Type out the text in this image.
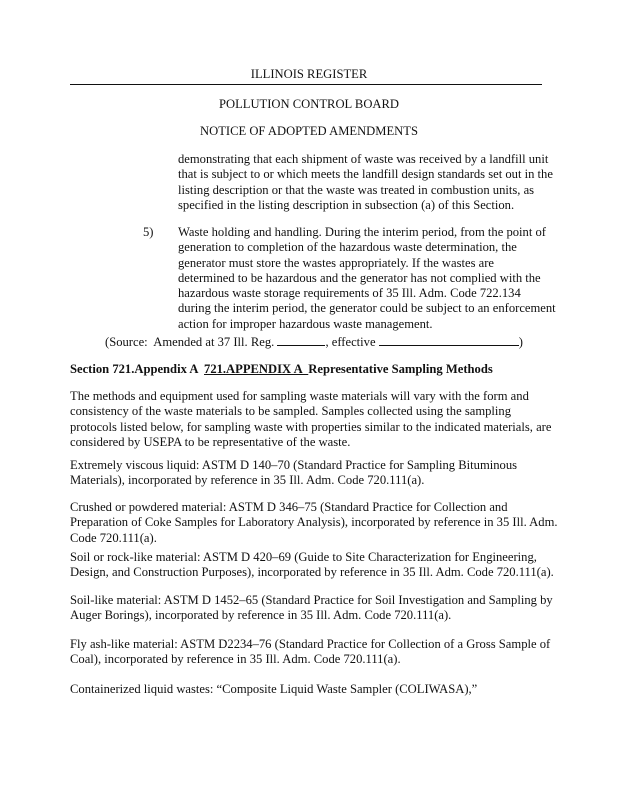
ILLINOIS REGISTER
POLLUTION CONTROL BOARD
NOTICE OF ADOPTED AMENDMENTS
demonstrating that each shipment of waste was received by a landfill unit
that is subject to or which meets the landfill design standards set out in the
listing description or that the waste was treated in combustion units, as
specified in the listing description in subsection (a) of this Section.
5) Waste holding and handling. During the interim period, from the point of
generation to completion of the hazardous waste determination, the
generator must store the wastes appropriately. If the wastes are
determined to be hazardous and the generator has not complied with the
hazardous waste storage requirements of 35 Ill. Adm. Code 722.134
during the interim period, the generator could be subject to an enforcement
action for improper hazardous waste management.
(Source:  Amended at 37 Ill. Reg.	, effective	)
Section 721.Appendix A  721.APPENDIX A  Representative Sampling Methods
The methods and equipment used for sampling waste materials will vary with the form and
consistency of the waste materials to be sampled. Samples collected using the sampling
protocols listed below, for sampling waste with properties similar to the indicated materials, are
considered by USEPA to be representative of the waste.
Extremely viscous liquid: ASTM D 140–70 (Standard Practice for Sampling Bituminous
Materials), incorporated by reference in 35 Ill. Adm. Code 720.111(a).
Crushed or powdered material: ASTM D 346–75 (Standard Practice for Collection and
Preparation of Coke Samples for Laboratory Analysis), incorporated by reference in 35 Ill. Adm.
Code 720.111(a).
Soil or rock-like material: ASTM D 420–69 (Guide to Site Characterization for Engineering,
Design, and Construction Purposes), incorporated by reference in 35 Ill. Adm. Code 720.111(a).
Soil-like material: ASTM D 1452–65 (Standard Practice for Soil Investigation and Sampling by
Auger Borings), incorporated by reference in 35 Ill. Adm. Code 720.111(a).
Fly ash-like material: ASTM D2234–76 (Standard Practice for Collection of a Gross Sample of
Coal), incorporated by reference in 35 Ill. Adm. Code 720.111(a).
Containerized liquid wastes: “Composite Liquid Waste Sampler (COLIWASA),”
